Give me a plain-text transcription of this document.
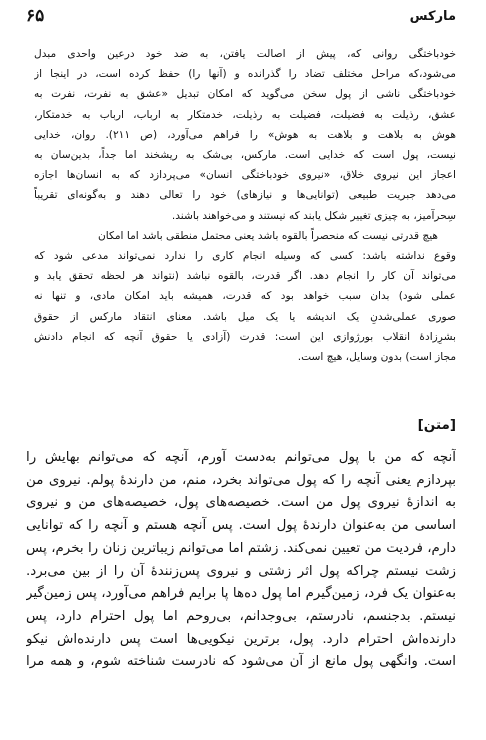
مارکس
۶۵

خودباختگی روانی که، پیش از اصالت یافتن، به ضد خود درعین واحدی مبدل
می‌شود،که مراحل مختلف تضاد را گذرانده و (آنها را) حفظ کرده است، در اینجا از
خودباختگی ناشی از پول سخن می‌گوید که امکان تبدیل «عشق به نفرت، نفرت به
عشق، رذیلت به فضیلت، فضیلت به رذیلت، خدمتکار به ارباب، ارباب به خدمتکار،
هوش به بلاهت و بلاهت به هوش» را فراهم می‌آورد، (ص ۲۱۱). روان، خدایی
نیست، پول است که خدایی است. مارکس، بی‌شک به ریشخند اما جداً، بدین‌سان به
اعجاز این نیروی خلاق، «نیروی خودباختگی انسان» می‌پردازد که به انسان‌ها اجازه
می‌دهد جبریت طبیعی (توانایی‌ها و نیازهای) خود را تعالی دهند و به‌گونه‌ای تقریباً
سِحرآمیز، به چیزی تغییر شکل یابند که نیستند و می‌خواهند باشند.

هیچ قدرتی نیست که منحصراً بالقوه باشد یعنی محتمل منطقی باشد اما امکان
وقوع نداشته باشد: کسی که وسیله انجام کاری را ندارد نمی‌تواند مدعی شود که
می‌تواند آن کار را انجام دهد. اگر قدرت، بالقوه نباشد (نتواند هر لحظه تحقق یابد و
عملی شود) بدان سبب خواهد بود که قدرت، همیشه باید امکان مادی، و تنها نه
صوری عملی‌شدنِ یک اندیشه یا یک میل باشد. معنای انتقاد مارکس از حقوق
بشرِزادهٔ انقلاب بورژوازی این است: قدرت (آزادی یا حقوق آنچه که انجام دادنش
مجاز است) بدون وسایل، هیچ است.

[متن]
آنچه که من با پول می‌توانم به‌دست آورم، آنچه که می‌توانم بهایش را
بپردازم یعنی آنچه را که پول می‌تواند بخرد، منم، من دارندهٔ پولم. نیروی من
به اندازهٔ نیروی پول من است. خصیصه‌های پول، خصیصه‌های من و نیروی
اساسی من به‌عنوان دارندهٔ پول است. پس آنچه هستم و آنچه را که توانایی
دارم، فردیت من تعیین نمی‌کند. زشتم اما می‌توانم زیباترین زنان را بخرم، پس
زشت نیستم چراکه پول اثر زشتی و نیروی پس‌زنندهٔ آن را از بین می‌برد.
به‌عنوان یک فرد، زمین‌گیرم اما پول ده‌ها پا برایم فراهم می‌آورد، پس زمین‌گیر
نیستم. بدجنسم، نادرستم، بی‌وجدانم، بی‌روحم اما پول احترام دارد، پس
دارنده‌اش احترام دارد. پول، برترین نیکویی‌ها است پس دارنده‌اش نیکو
است. وانگهی پول مانع از آن می‌شود که نادرست شناخته شوم، و همه مرا
